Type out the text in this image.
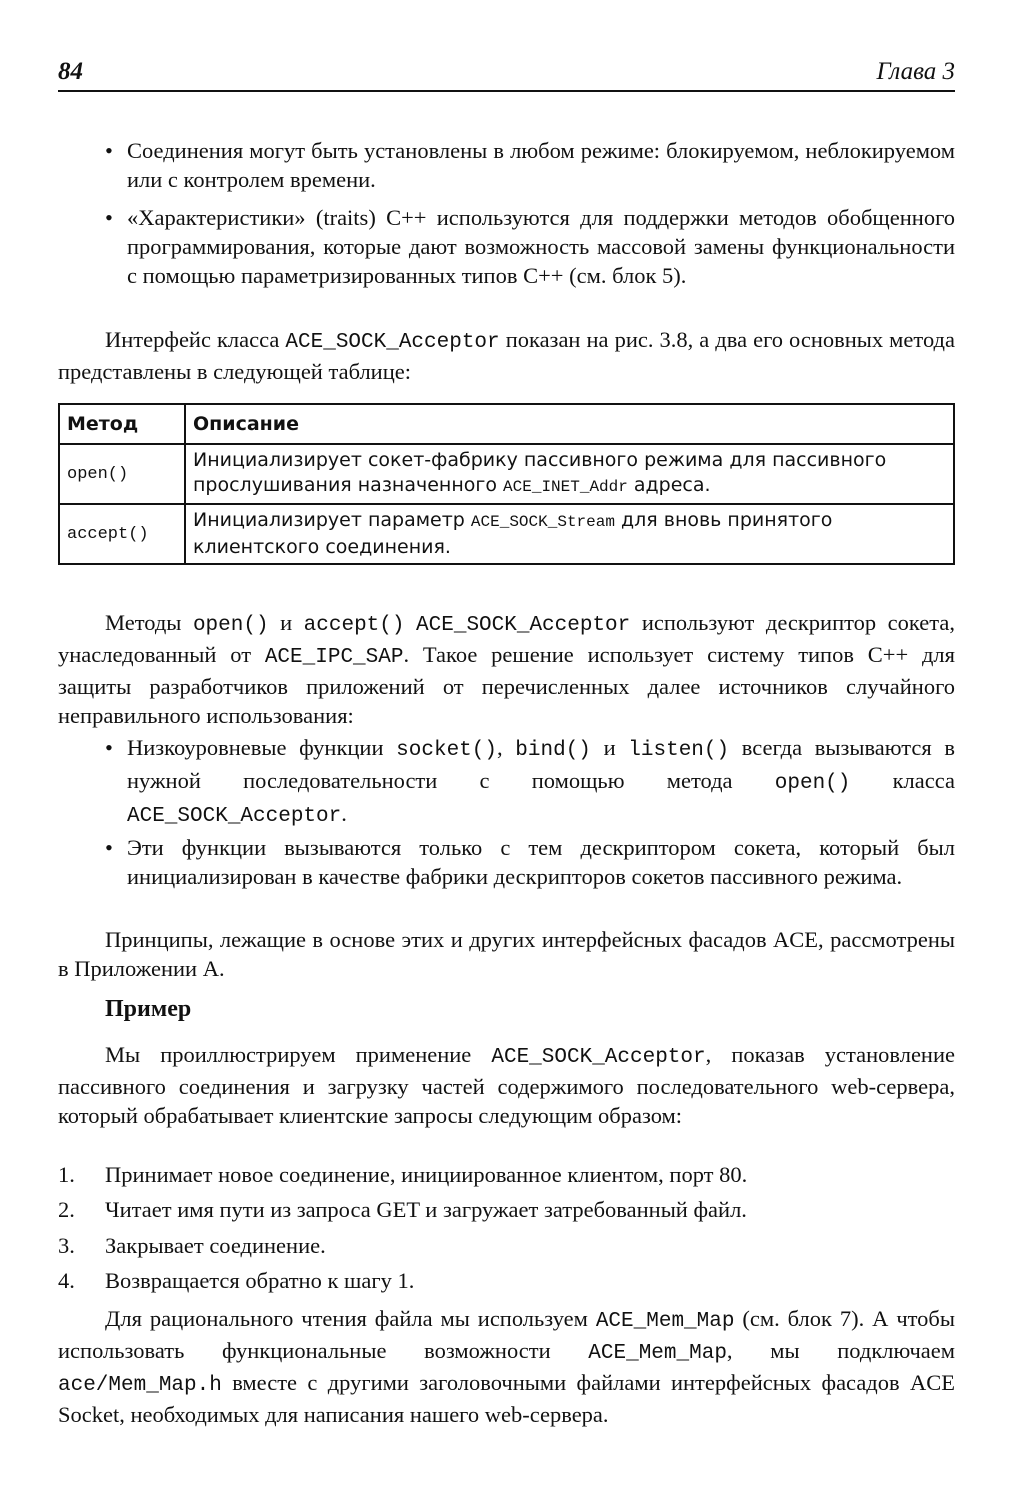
84	Глава 3
• Соединения могут быть установлены в любом режиме: блокируемом, неблокируемом или с контролем времени.
• «Характеристики» (traits) C++ используются для поддержки методов обобщенного программирования, которые дают возможность массовой замены функциональности с помощью параметризированных типов C++ (см. блок 5).
Интерфейс класса ACE_SOCK_Acceptor показан на рис. 3.8, а два его основных метода представлены в следующей таблице:
Метод	Описание
open()	Инициализирует сокет-фабрику пассивного режима для пассивного прослушивания назначенного ACE_INET_Addr адреса.
accept()	Инициализирует параметр ACE_SOCK_Stream для вновь принятого клиентского соединения.
Методы open() и accept() ACE_SOCK_Acceptor используют дескриптор сокета, унаследованный от ACE_IPC_SAP. Такое решение использует систему типов C++ для защиты разработчиков приложений от перечисленных далее источников случайного неправильного использования:
• Низкоуровневые функции socket(), bind() и listen() всегда вызываются в нужной последовательности с помощью метода open() класса ACE_SOCK_Acceptor.
• Эти функции вызываются только с тем дескриптором сокета, который был инициализирован в качестве фабрики дескрипторов сокетов пассивного режима.
Принципы, лежащие в основе этих и других интерфейсных фасадов ACE, рассмотрены в Приложении А.
Пример
Мы проиллюстрируем применение ACE_SOCK_Acceptor, показав установление пассивного соединения и загрузку частей содержимого последовательного web-сервера, который обрабатывает клиентские запросы следующим образом:
1. Принимает новое соединение, инициированное клиентом, порт 80.
2. Читает имя пути из запроса GET и загружает затребованный файл.
3. Закрывает соединение.
4. Возвращается обратно к шагу 1.
Для рационального чтения файла мы используем ACE_Mem_Map (см. блок 7). А чтобы использовать функциональные возможности ACE_Mem_Map, мы подключаем ace/Mem_Map.h вместе с другими заголовочными файлами интерфейсных фасадов ACE Socket, необходимых для написания нашего web-сервера.
